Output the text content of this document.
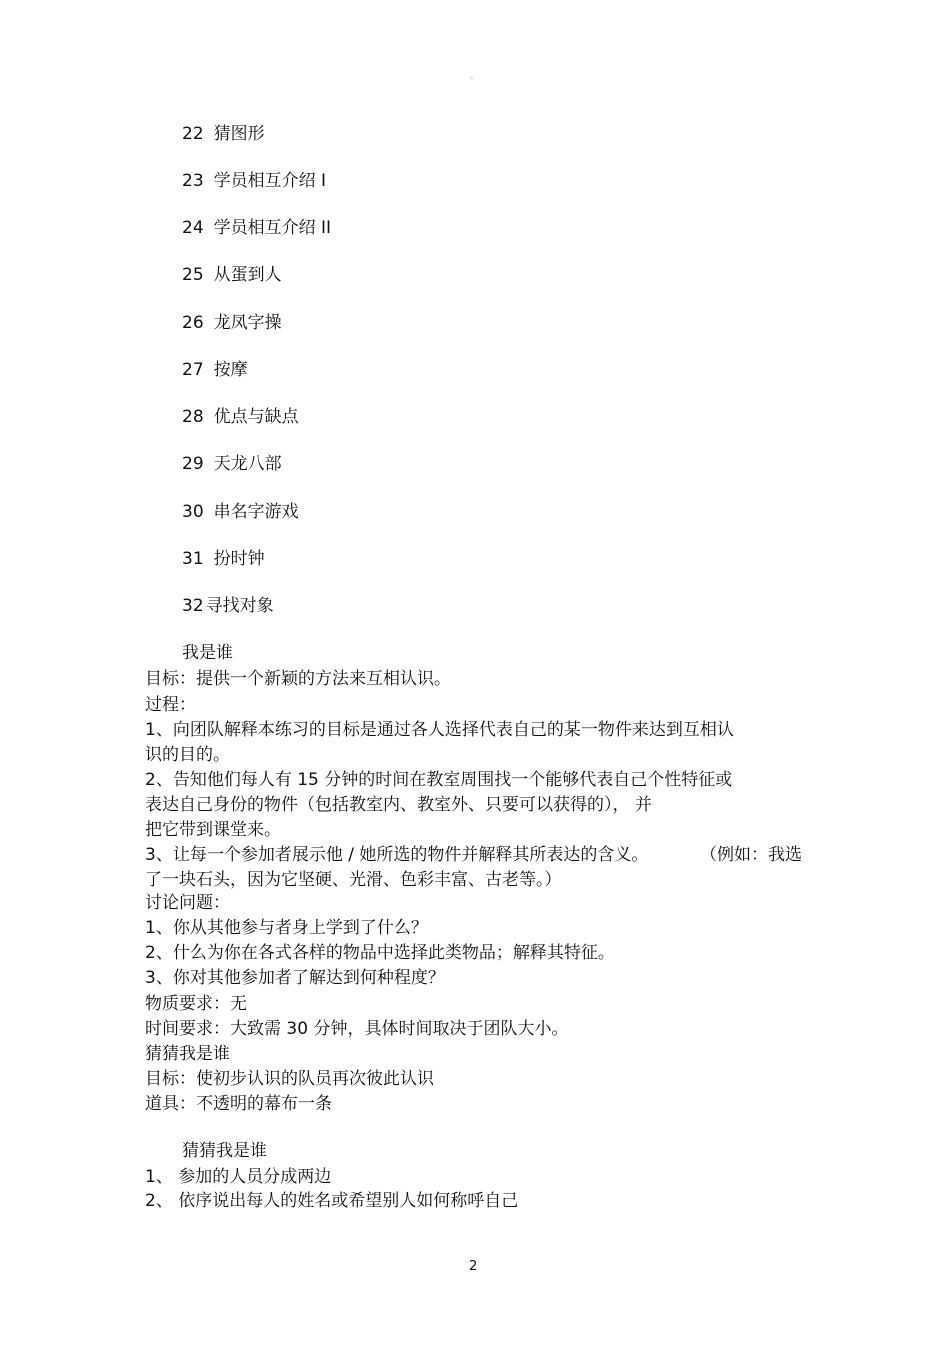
。
22 猜图形
23 学员相互介绍 I
24 学员相互介绍 II
25 从蛋到人
26 龙凤字操
27 按摩
28 优点与缺点
29 天龙八部
30 串名字游戏
31 扮时钟
32 寻找对象
我是谁
目标：提供一个新颖的方法来互相认识。
过程：
1、向团队解释本练习的目标是通过各人选择代表自己的某一物件来达到互相认
识的目的。
2、告知他们每人有 15 分钟的时间在教室周围找一个能够代表自己个性特征或
表达自己身份的物件（包括教室内、教室外、只要可以获得的）， 并
把它带到课堂来。
3、让每一个参加者展示他 / 她所选的物件并解释其所表达的含义。	（例如：我选
了一块石头，因为它坚硬、光滑、色彩丰富、古老等。）
讨论问题：
1、你从其他参与者身上学到了什么？
2、什么为你在各式各样的物品中选择此类物品；解释其特征。
3、你对其他参加者了解达到何种程度？
物质要求：无
时间要求：大致需 30 分钟，具体时间取决于团队大小。
猜猜我是谁
目标：使初步认识的队员再次彼此认识
道具：不透明的幕布一条
猜猜我是谁
1、 参加的人员分成两边
2、 依序说出每人的姓名或希望别人如何称呼自己
2
